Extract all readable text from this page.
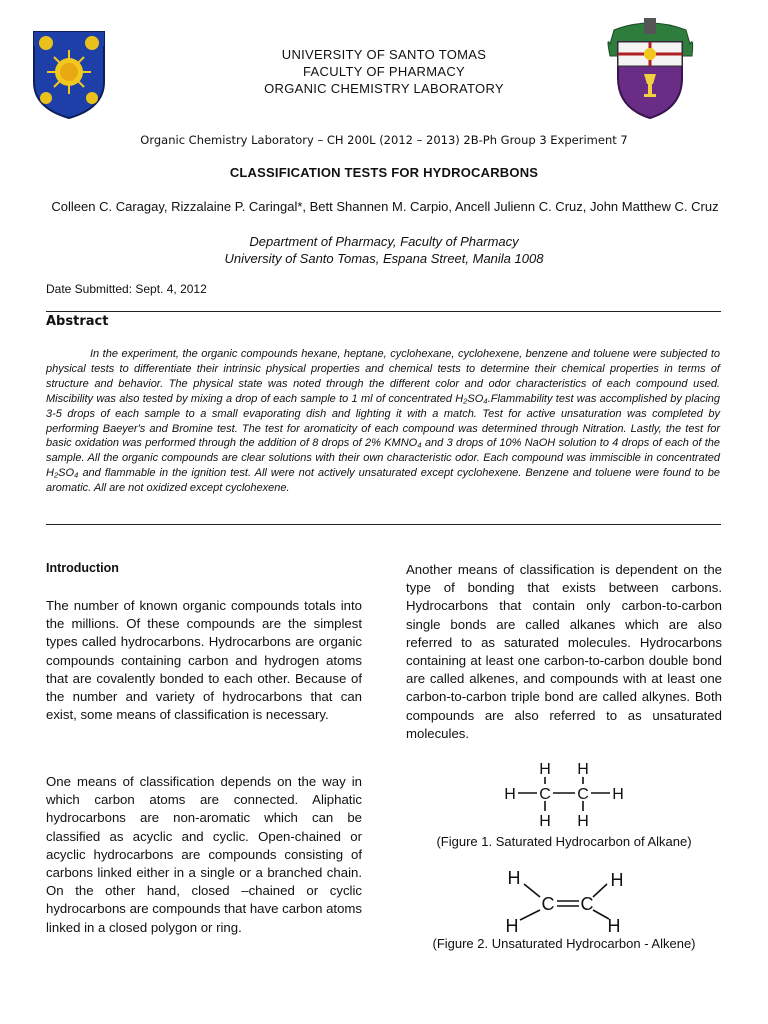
UNIVERSITY OF SANTO TOMAS
FACULTY OF PHARMACY
ORGANIC CHEMISTRY LABORATORY
Organic Chemistry Laboratory – CH 200L (2012 – 2013) 2B-Ph Group 3 Experiment 7
CLASSIFICATION TESTS FOR HYDROCARBONS
Colleen C. Caragay, Rizzalaine P. Caringal*, Bett Shannen M. Carpio, Ancell Julienn C. Cruz, John Matthew C. Cruz
Department of Pharmacy, Faculty of Pharmacy
University of Santo Tomas, Espana Street, Manila 1008
Date Submitted: Sept. 4, 2012
Abstract
In the experiment, the organic compounds hexane, heptane, cyclohexane, cyclohexene, benzene and toluene were subjected to physical tests to differentiate their intrinsic physical properties and chemical tests to determine their chemical properties in terms of structure and behavior. The physical state was noted through the different color and odor characteristics of each compound used. Miscibility was also tested by mixing a drop of each sample to 1 ml of concentrated H₂SO₄.Flammability test was accomplished by placing 3-5 drops of each sample to a small evaporating dish and lighting it with a match. Test for active unsaturation was completed by performing Baeyer's and Bromine test. The test for aromaticity of each compound was determined through Nitration. Lastly, the test for basic oxidation was performed through the addition of 8 drops of 2% KMNO₄ and 3 drops of 10% NaOH solution to 4 drops of each of the sample. All the organic compounds are clear solutions with their own characteristic odor. Each compound was immiscible in concentrated H₂SO₄ and flammable in the ignition test. All were not actively unsaturated except cyclohexene. Benzene and toluene were found to be aromatic. All are not oxidized except cyclohexene.
Introduction
The number of known organic compounds totals into the millions. Of these compounds are the simplest types called hydrocarbons. Hydrocarbons are organic compounds containing carbon and hydrogen atoms that are covalently bonded to each other. Because of the number and variety of hydrocarbons that can exist, some means of classification is necessary.
One means of classification depends on the way in which carbon atoms are connected. Aliphatic hydrocarbons are non-aromatic which can be classified as acyclic and cyclic. Open-chained or acyclic hydrocarbons are compounds consisting of carbons linked either in a single or a branched chain. On the other hand, closed –chained or cyclic hydrocarbons are compounds that have carbon atoms linked in a closed polygon or ring.
Another means of classification is dependent on the type of bonding that exists between carbons. Hydrocarbons that contain only carbon-to-carbon single bonds are called alkanes which are also referred to as saturated molecules. Hydrocarbons containing at least one carbon-to-carbon double bond are called alkenes, and compounds with at least one carbon-to-carbon triple bond are called alkynes. Both compounds are also referred to as unsaturated molecules.
H H
H C C H
H H
(Figure 1. Saturated Hydrocarbon of Alkane)
H	H
C C
H	H
(Figure 2. Unsaturated Hydrocarbon - Alkene)
